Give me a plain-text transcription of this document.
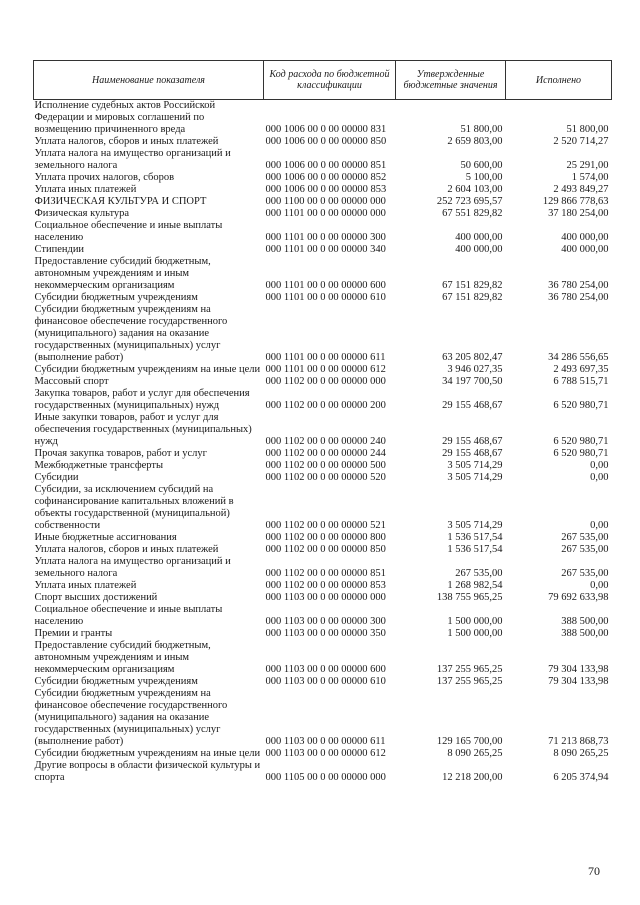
Наименование показателя	Код расхода по бюджетной классификации	Утвержденные бюджетные значения	Исполнено
Исполнение судебных актов Российской Федерации и мировых соглашений по возмещению причиненного вреда	000 1006 00 0 00 00000 831	51 800,00	51 800,00
Уплата налогов, сборов и иных платежей	000 1006 00 0 00 00000 850	2 659 803,00	2 520 714,27
Уплата налога на имущество организаций и земельного налога	000 1006 00 0 00 00000 851	50 600,00	25 291,00
Уплата прочих налогов, сборов	000 1006 00 0 00 00000 852	5 100,00	1 574,00
Уплата иных платежей	000 1006 00 0 00 00000 853	2 604 103,00	2 493 849,27
ФИЗИЧЕСКАЯ КУЛЬТУРА И СПОРТ	000 1100 00 0 00 00000 000	252 723 695,57	129 866 778,63
Физическая культура	000 1101 00 0 00 00000 000	67 551 829,82	37 180 254,00
Социальное обеспечение и иные выплаты населению	000 1101 00 0 00 00000 300	400 000,00	400 000,00
Стипендии	000 1101 00 0 00 00000 340	400 000,00	400 000,00
Предоставление субсидий бюджетным, автономным учреждениям и иным некоммерческим организациям	000 1101 00 0 00 00000 600	67 151 829,82	36 780 254,00
Субсидии бюджетным учреждениям	000 1101 00 0 00 00000 610	67 151 829,82	36 780 254,00
Субсидии бюджетным учреждениям на финансовое обеспечение государственного (муниципального) задания на оказание государственных (муниципальных) услуг (выполнение работ)	000 1101 00 0 00 00000 611	63 205 802,47	34 286 556,65
Субсидии бюджетным учреждениям на иные цели	000 1101 00 0 00 00000 612	3 946 027,35	2 493 697,35
Массовый спорт	000 1102 00 0 00 00000 000	34 197 700,50	6 788 515,71
Закупка товаров, работ и услуг для обеспечения государственных (муниципальных) нужд	000 1102 00 0 00 00000 200	29 155 468,67	6 520 980,71
Иные закупки товаров, работ и услуг для обеспечения государственных (муниципальных) нужд	000 1102 00 0 00 00000 240	29 155 468,67	6 520 980,71
Прочая закупка товаров, работ и услуг	000 1102 00 0 00 00000 244	29 155 468,67	6 520 980,71
Межбюджетные трансферты	000 1102 00 0 00 00000 500	3 505 714,29	0,00
Субсидии	000 1102 00 0 00 00000 520	3 505 714,29	0,00
Субсидии, за исключением субсидий на софинансирование капитальных вложений в объекты государственной (муниципальной) собственности	000 1102 00 0 00 00000 521	3 505 714,29	0,00
Иные бюджетные ассигнования	000 1102 00 0 00 00000 800	1 536 517,54	267 535,00
Уплата налогов, сборов и иных платежей	000 1102 00 0 00 00000 850	1 536 517,54	267 535,00
Уплата налога на имущество организаций и земельного налога	000 1102 00 0 00 00000 851	267 535,00	267 535,00
Уплата иных платежей	000 1102 00 0 00 00000 853	1 268 982,54	0,00
Спорт высших достижений	000 1103 00 0 00 00000 000	138 755 965,25	79 692 633,98
Социальное обеспечение и иные выплаты населению	000 1103 00 0 00 00000 300	1 500 000,00	388 500,00
Премии и гранты	000 1103 00 0 00 00000 350	1 500 000,00	388 500,00
Предоставление субсидий бюджетным, автономным учреждениям и иным некоммерческим организациям	000 1103 00 0 00 00000 600	137 255 965,25	79 304 133,98
Субсидии бюджетным учреждениям	000 1103 00 0 00 00000 610	137 255 965,25	79 304 133,98
Субсидии бюджетным учреждениям на финансовое обеспечение государственного (муниципального) задания на оказание государственных (муниципальных) услуг (выполнение работ)	000 1103 00 0 00 00000 611	129 165 700,00	71 213 868,73
Субсидии бюджетным учреждениям на иные цели	000 1103 00 0 00 00000 612	8 090 265,25	8 090 265,25
Другие вопросы в области физической культуры и спорта	000 1105 00 0 00 00000 000	12 218 200,00	6 205 374,94
70
